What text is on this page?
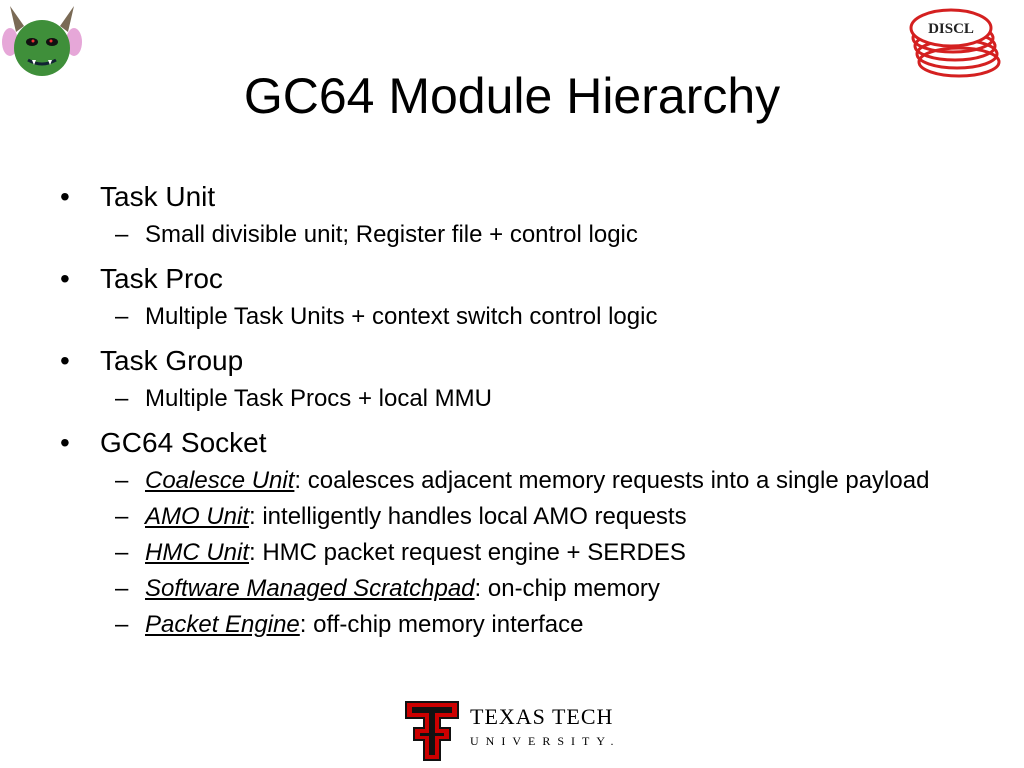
DISCL
GC64 Module Hierarchy
• Task Unit
– Small divisible unit; Register file + control logic
• Task Proc
– Multiple Task Units + context switch control logic
• Task Group
– Multiple Task Procs + local MMU
• GC64 Socket
– Coalesce Unit: coalesces adjacent memory requests into a single payload
– AMO Unit: intelligently handles local AMO requests
– HMC Unit: HMC packet request engine + SERDES
– Software Managed Scratchpad: on-chip memory
– Packet Engine: off-chip memory interface
TEXAS TECH
UNIVERSITY.
